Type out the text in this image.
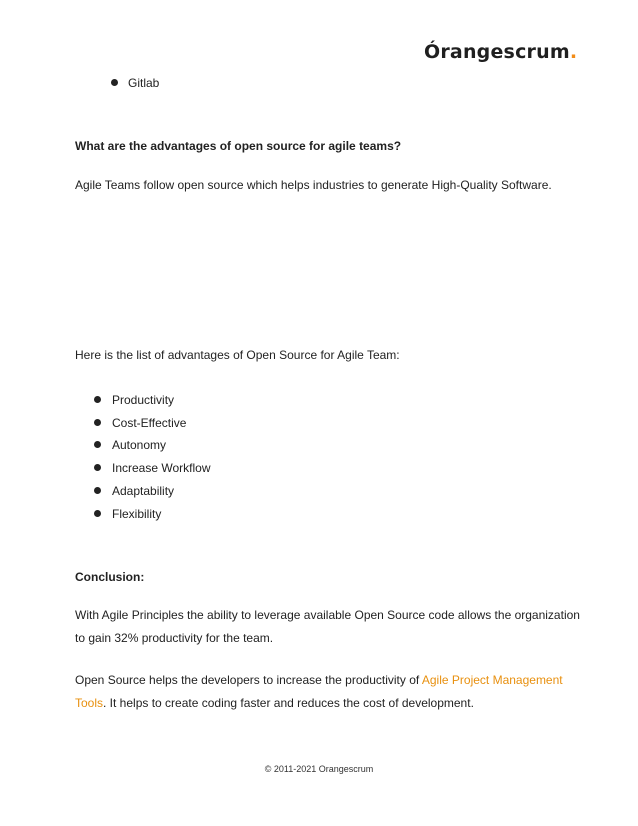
Órangescrum.
Gitlab
What are the advantages of open source for agile teams?
Agile Teams follow open source which helps industries to generate High-Quality Software.
Here is the list of advantages of Open Source for Agile Team:
Productivity
Cost-Effective
Autonomy
Increase Workflow
Adaptability
Flexibility
Conclusion:
With Agile Principles the ability to leverage available Open Source code allows the organization
to gain 32% productivity for the team.
Open Source helps the developers to increase the productivity of Agile Project Management
Tools. It helps to create coding faster and reduces the cost of development.
© 2011-2021 Orangescrum
